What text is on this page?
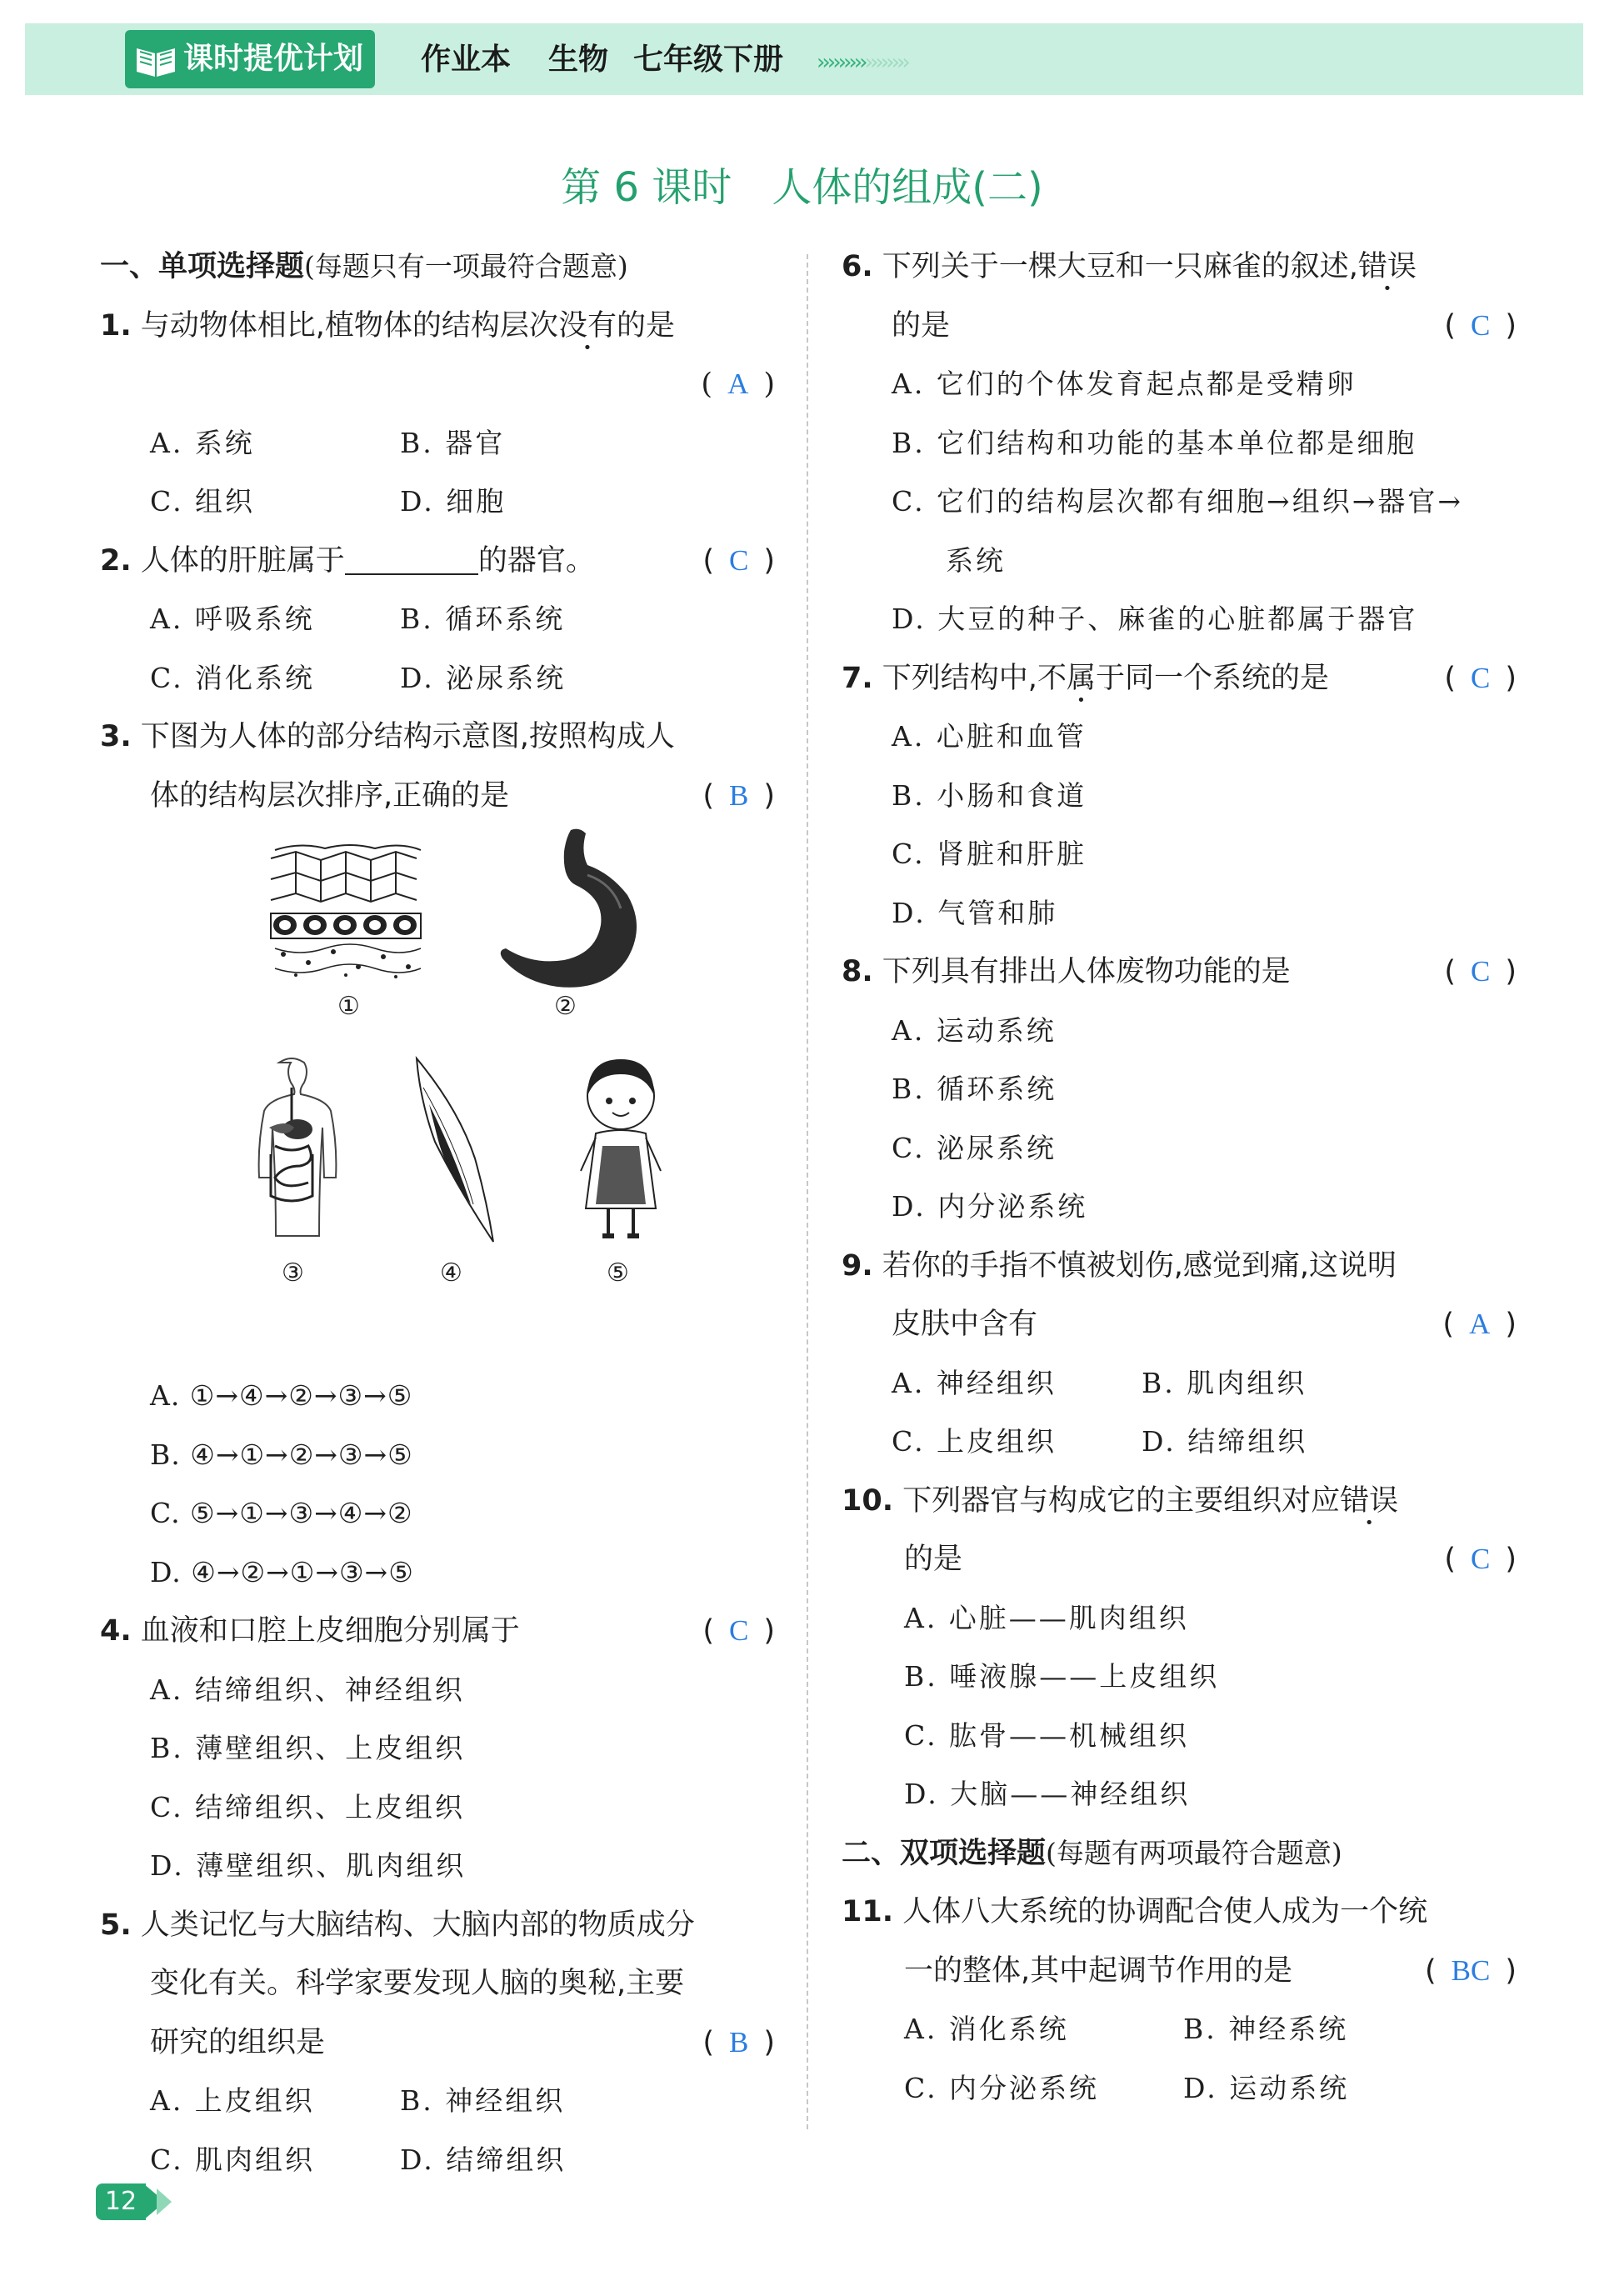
课时提优计划	作业本 生物 七年级下册 ›››››››››››››››››
第 6 课时　人体的组成(二)
一、单项选择题(每题只有一项最符合题意)
1. 与动物体相比,植物体的结构层次没有的是
( A )
A. 系统	B. 器官
C. 组织	D. 细胞
2. 人体的肝脏属于	的器官。	( C )
A. 呼吸系统	B. 循环系统
C. 消化系统	D. 泌尿系统
3. 下图为人体的部分结构示意图,按照构成人
体的结构层次排序,正确的是	( B )
①	②
③	④	⑤
A. ①→④→②→③→⑤
B. ④→①→②→③→⑤
C. ⑤→①→③→④→②
D. ④→②→①→③→⑤
4. 血液和口腔上皮细胞分别属于	( C )
A. 结缔组织、神经组织
B. 薄壁组织、上皮组织
C. 结缔组织、上皮组织
D. 薄壁组织、肌肉组织
5. 人类记忆与大脑结构、大脑内部的物质成分
变化有关。科学家要发现人脑的奥秘,主要
研究的组织是	( B )
A. 上皮组织	B. 神经组织
C. 肌肉组织	D. 结缔组织
6. 下列关于一棵大豆和一只麻雀的叙述,错误
的是	( C )
A. 它们的个体发育起点都是受精卵
B. 它们结构和功能的基本单位都是细胞
C. 它们的结构层次都有细胞→组织→器官→
系统
D. 大豆的种子、麻雀的心脏都属于器官
7. 下列结构中,不属于同一个系统的是	( C )
A. 心脏和血管
B. 小肠和食道
C. 肾脏和肝脏
D. 气管和肺
8. 下列具有排出人体废物功能的是	( C )
A. 运动系统
B. 循环系统
C. 泌尿系统
D. 内分泌系统
9. 若你的手指不慎被划伤,感觉到痛,这说明
皮肤中含有	( A )
A. 神经组织	B. 肌肉组织
C. 上皮组织	D. 结缔组织
10. 下列器官与构成它的主要组织对应错误
的是	( C )
A. 心脏——肌肉组织
B. 唾液腺——上皮组织
C. 肱骨——机械组织
D. 大脑——神经组织
二、双项选择题(每题有两项最符合题意)
11. 人体八大系统的协调配合使人成为一个统
一的整体,其中起调节作用的是	( BC )
A. 消化系统	B. 神经系统
C. 内分泌系统	D. 运动系统
12
